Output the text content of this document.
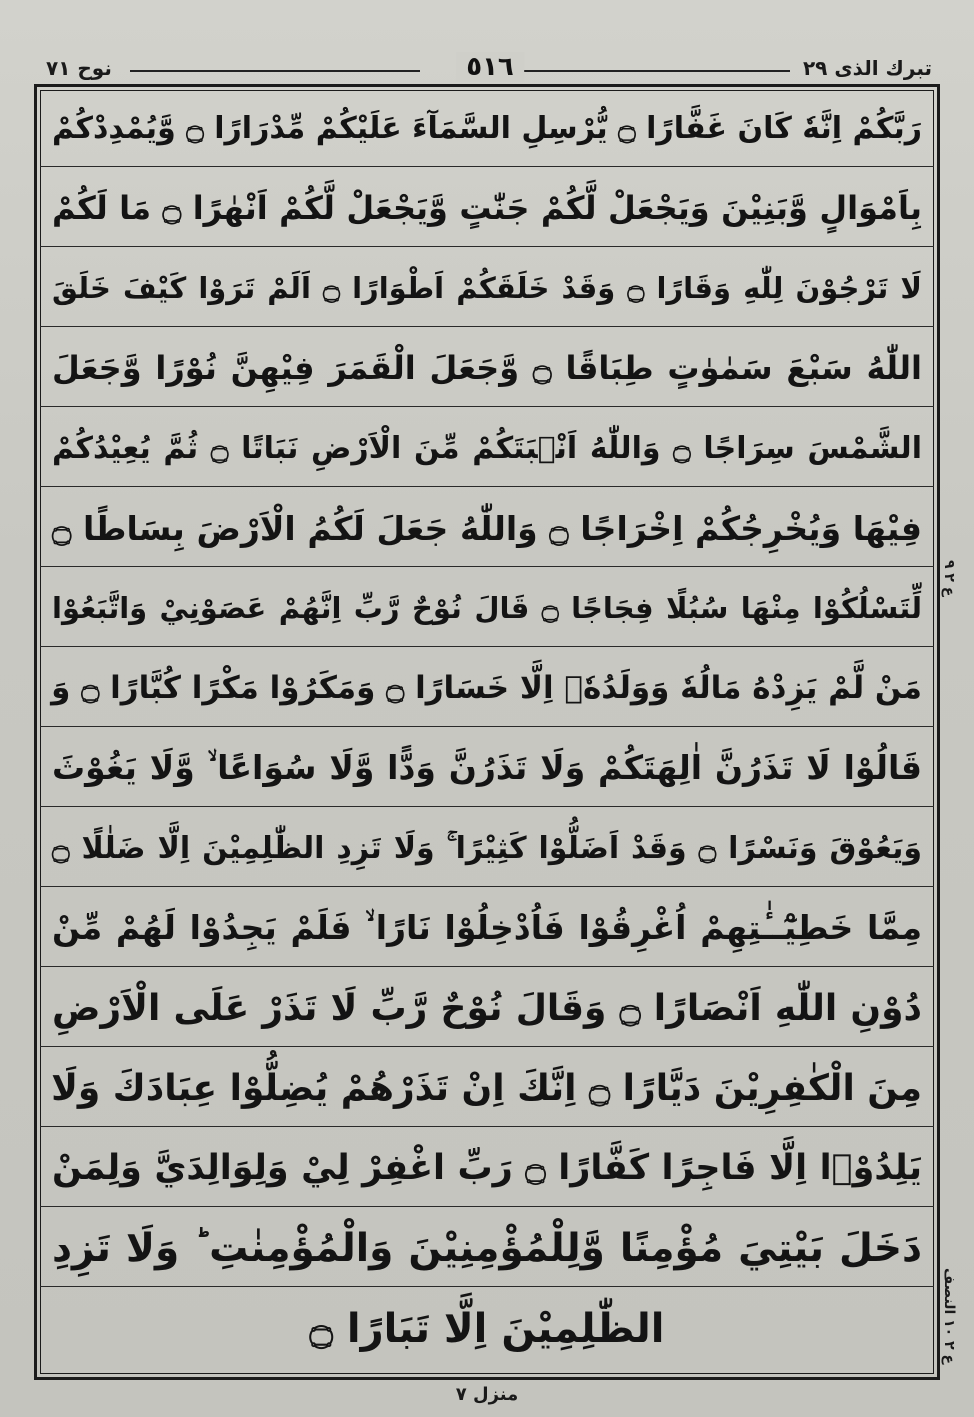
تبرك الذى ٢٩
٥١٦
نوح ٧١
رَبَّكُمْ اِنَّهٗ كَانَ غَفَّارًا ۝ يُّرْسِلِ السَّمَآءَ عَلَيْكُمْ مِّدْرَارًا ۝ وَّيُمْدِدْكُمْ
بِاَمْوَالٍ وَّبَنِيْنَ وَيَجْعَلْ لَّكُمْ جَنّٰتٍ وَّيَجْعَلْ لَّكُمْ اَنْهٰرًا ۝ مَا لَكُمْ
لَا تَرْجُوْنَ لِلّٰهِ وَقَارًا ۝ وَقَدْ خَلَقَكُمْ اَطْوَارًا ۝ اَلَمْ تَرَوْا كَيْفَ خَلَقَ
اللّٰهُ سَبْعَ سَمٰوٰتٍ طِبَاقًا ۝ وَّجَعَلَ الْقَمَرَ فِيْهِنَّ نُوْرًا وَّجَعَلَ
الشَّمْسَ سِرَاجًا ۝ وَاللّٰهُ اَنْۢبَتَكُمْ مِّنَ الْاَرْضِ نَبَاتًا ۝ ثُمَّ يُعِيْدُكُمْ
فِيْهَا وَيُخْرِجُكُمْ اِخْرَاجًا ۝ وَاللّٰهُ جَعَلَ لَكُمُ الْاَرْضَ بِسَاطًا ۝
لِّتَسْلُكُوْا مِنْهَا سُبُلًا فِجَاجًا ۝ قَالَ نُوْحٌ رَّبِّ اِنَّهُمْ عَصَوْنِيْ وَاتَّبَعُوْا
مَنْ لَّمْ يَزِدْهُ مَالُهٗ وَوَلَدُهٗۤ اِلَّا خَسَارًا ۝ وَمَكَرُوْا مَكْرًا كُبَّارًا ۝ وَ
قَالُوْا لَا تَذَرُنَّ اٰلِهَتَكُمْ وَلَا تَذَرُنَّ وَدًّا وَّلَا سُوَاعًا ۙ وَّلَا يَغُوْثَ
وَيَعُوْقَ وَنَسْرًا ۝ وَقَدْ اَضَلُّوْا كَثِيْرًا ۚ وَلَا تَزِدِ الظّٰلِمِيْنَ اِلَّا ضَلٰلًا ۝
مِمَّا خَطِيْٓــٰٔتِهِمْ اُغْرِقُوْا فَاُدْخِلُوْا نَارًا ۙ فَلَمْ يَجِدُوْا لَهُمْ مِّنْ
دُوْنِ اللّٰهِ اَنْصَارًا ۝ وَقَالَ نُوْحٌ رَّبِّ لَا تَذَرْ عَلَى الْاَرْضِ
مِنَ الْكٰفِرِيْنَ دَيَّارًا ۝ اِنَّكَ اِنْ تَذَرْهُمْ يُضِلُّوْا عِبَادَكَ وَلَا
يَلِدُوْۤا اِلَّا فَاجِرًا كَفَّارًا ۝ رَبِّ اغْفِرْ لِيْ وَلِوَالِدَيَّ وَلِمَنْ
دَخَلَ بَيْتِيَ مُؤْمِنًا وَّلِلْمُؤْمِنِيْنَ وَالْمُؤْمِنٰتِ ؕ وَلَا تَزِدِ
الظّٰلِمِيْنَ اِلَّا تَبَارًا ۝
ع ٢ ٩
ع ٢ ١٠ النصف
منزل ٧
